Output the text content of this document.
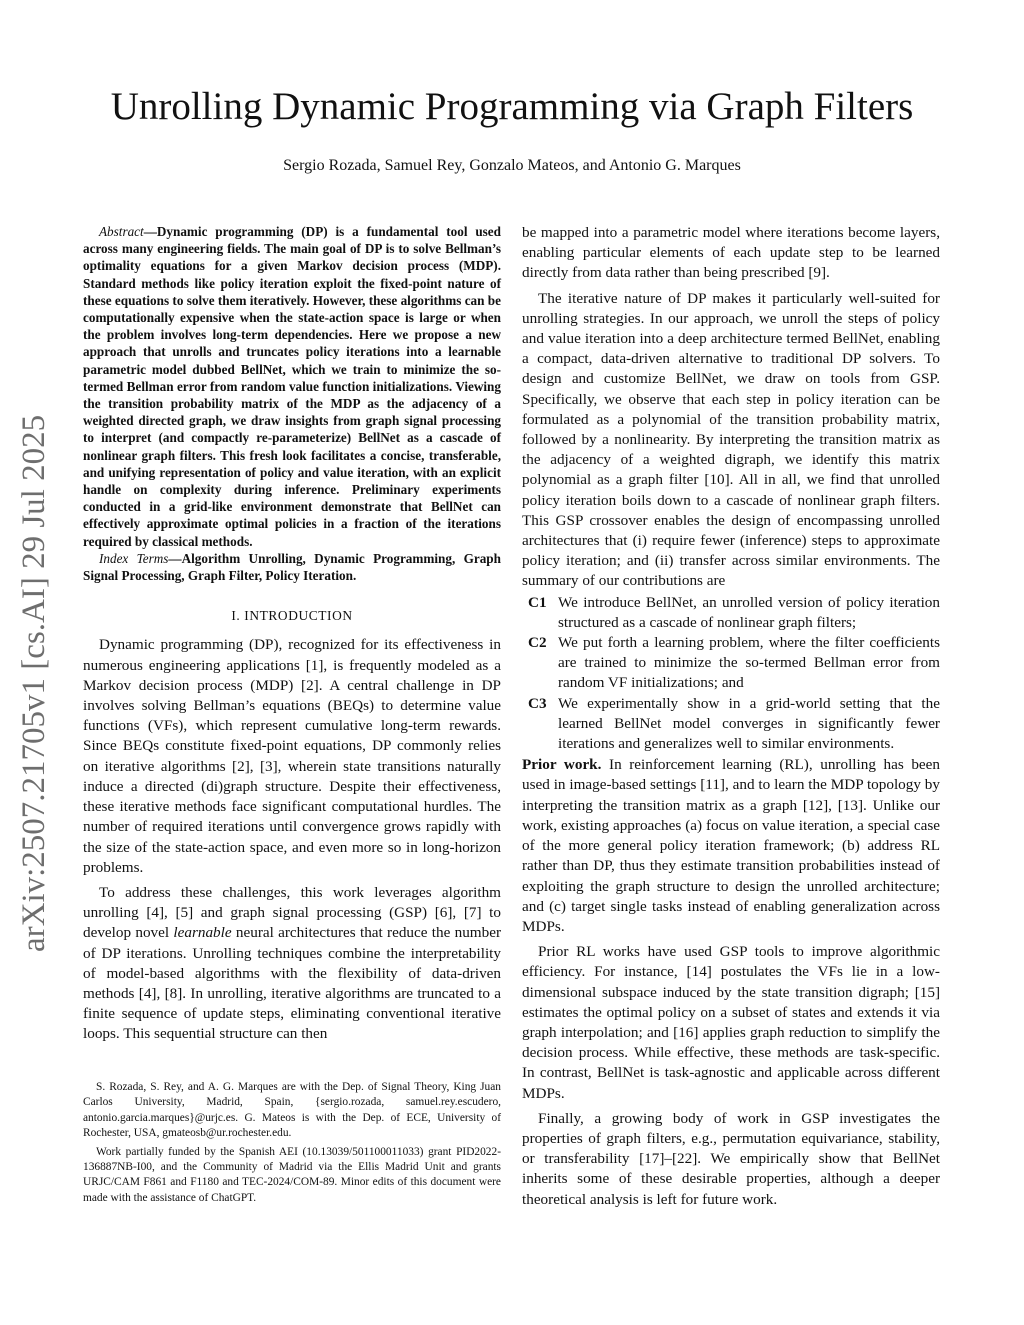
arXiv:2507.21705v1 [cs.AI] 29 Jul 2025
Unrolling Dynamic Programming via Graph Filters
Sergio Rozada, Samuel Rey, Gonzalo Mateos, and Antonio G. Marques

Abstract—Dynamic programming (DP) is a fundamental tool used across many engineering fields. The main goal of DP is to solve Bellman’s optimality equations for a given Markov decision process (MDP). Standard methods like policy iteration exploit the fixed-point nature of these equations to solve them iteratively. However, these algorithms can be computationally expensive when the state-action space is large or when the problem involves long-term dependencies. Here we propose a new approach that unrolls and truncates policy iterations into a learnable parametric model dubbed BellNet, which we train to minimize the so-termed Bellman error from random value function initializations. Viewing the transition probability matrix of the MDP as the adjacency of a weighted directed graph, we draw insights from graph signal processing to interpret (and compactly re-parameterize) BellNet as a cascade of nonlinear graph filters. This fresh look facilitates a concise, transferable, and unifying representation of policy and value iteration, with an explicit handle on complexity during inference. Preliminary experiments conducted in a grid-like environment demonstrate that BellNet can effectively approximate optimal policies in a fraction of the iterations required by classical methods.

Index Terms—Algorithm Unrolling, Dynamic Programming, Graph Signal Processing, Graph Filter, Policy Iteration.

I. INTRODUCTION

Dynamic programming (DP), recognized for its effectiveness in numerous engineering applications [1], is frequently modeled as a Markov decision process (MDP) [2]. A central challenge in DP involves solving Bellman’s equations (BEQs) to determine value functions (VFs), which represent cumulative long-term rewards. Since BEQs constitute fixed-point equations, DP commonly relies on iterative algorithms [2], [3], wherein state transitions naturally induce a directed (di)graph structure. Despite their effectiveness, these iterative methods face significant computational hurdles. The number of required iterations until convergence grows rapidly with the size of the state-action space, and even more so in long-horizon problems.

To address these challenges, this work leverages algorithm unrolling [4], [5] and graph signal processing (GSP) [6], [7] to develop novel learnable neural architectures that reduce the number of DP iterations. Unrolling techniques combine the interpretability of model-based algorithms with the flexibility of data-driven methods [4], [8]. In unrolling, iterative algorithms are truncated to a finite sequence of update steps, eliminating conventional iterative loops. This sequential structure can then

S. Rozada, S. Rey, and A. G. Marques are with the Dep. of Signal Theory, King Juan Carlos University, Madrid, Spain, {sergio.rozada, samuel.rey.escudero, antonio.garcia.marques}@urjc.es. G. Mateos is with the Dep. of ECE, University of Rochester, USA, gmateosb@ur.rochester.edu.

Work partially funded by the Spanish AEI (10.13039/501100011033) grant PID2022-136887NB-I00, and the Community of Madrid via the Ellis Madrid Unit and grants URJC/CAM F861 and F1180 and TEC-2024/COM-89. Minor edits of this document were made with the assistance of ChatGPT.

be mapped into a parametric model where iterations become layers, enabling particular elements of each update step to be learned directly from data rather than being prescribed [9].

The iterative nature of DP makes it particularly well-suited for unrolling strategies. In our approach, we unroll the steps of policy and value iteration into a deep architecture termed BellNet, enabling a compact, data-driven alternative to traditional DP solvers. To design and customize BellNet, we draw on tools from GSP. Specifically, we observe that each step in policy iteration can be formulated as a polynomial of the transition probability matrix, followed by a nonlinearity. By interpreting the transition matrix as the adjacency of a weighted digraph, we identify this matrix polynomial as a graph filter [10]. All in all, we find that unrolled policy iteration boils down to a cascade of nonlinear graph filters. This GSP crossover enables the design of encompassing unrolled architectures that (i) require fewer (inference) steps to approximate policy iteration; and (ii) transfer across similar environments. The summary of our contributions are

C1 We introduce BellNet, an unrolled version of policy iteration structured as a cascade of nonlinear graph filters;
C2 We put forth a learning problem, where the filter coefficients are trained to minimize the so-termed Bellman error from random VF initializations; and
C3 We experimentally show in a grid-world setting that the learned BellNet model converges in significantly fewer iterations and generalizes well to similar environments.

Prior work. In reinforcement learning (RL), unrolling has been used in image-based settings [11], and to learn the MDP topology by interpreting the transition matrix as a graph [12], [13]. Unlike our work, existing approaches (a) focus on value iteration, a special case of the more general policy iteration framework; (b) address RL rather than DP, thus they estimate transition probabilities instead of exploiting the graph structure to design the unrolled architecture; and (c) target single tasks instead of enabling generalization across MDPs.

Prior RL works have used GSP tools to improve algorithmic efficiency. For instance, [14] postulates the VFs lie in a low-dimensional subspace induced by the state transition digraph; [15] estimates the optimal policy on a subset of states and extends it via graph interpolation; and [16] applies graph reduction to simplify the decision process. While effective, these methods are task-specific. In contrast, BellNet is task-agnostic and applicable across different MDPs.

Finally, a growing body of work in GSP investigates the properties of graph filters, e.g., permutation equivariance, stability, or transferability [17]–[22]. We empirically show that BellNet inherits some of these desirable properties, although a deeper theoretical analysis is left for future work.
